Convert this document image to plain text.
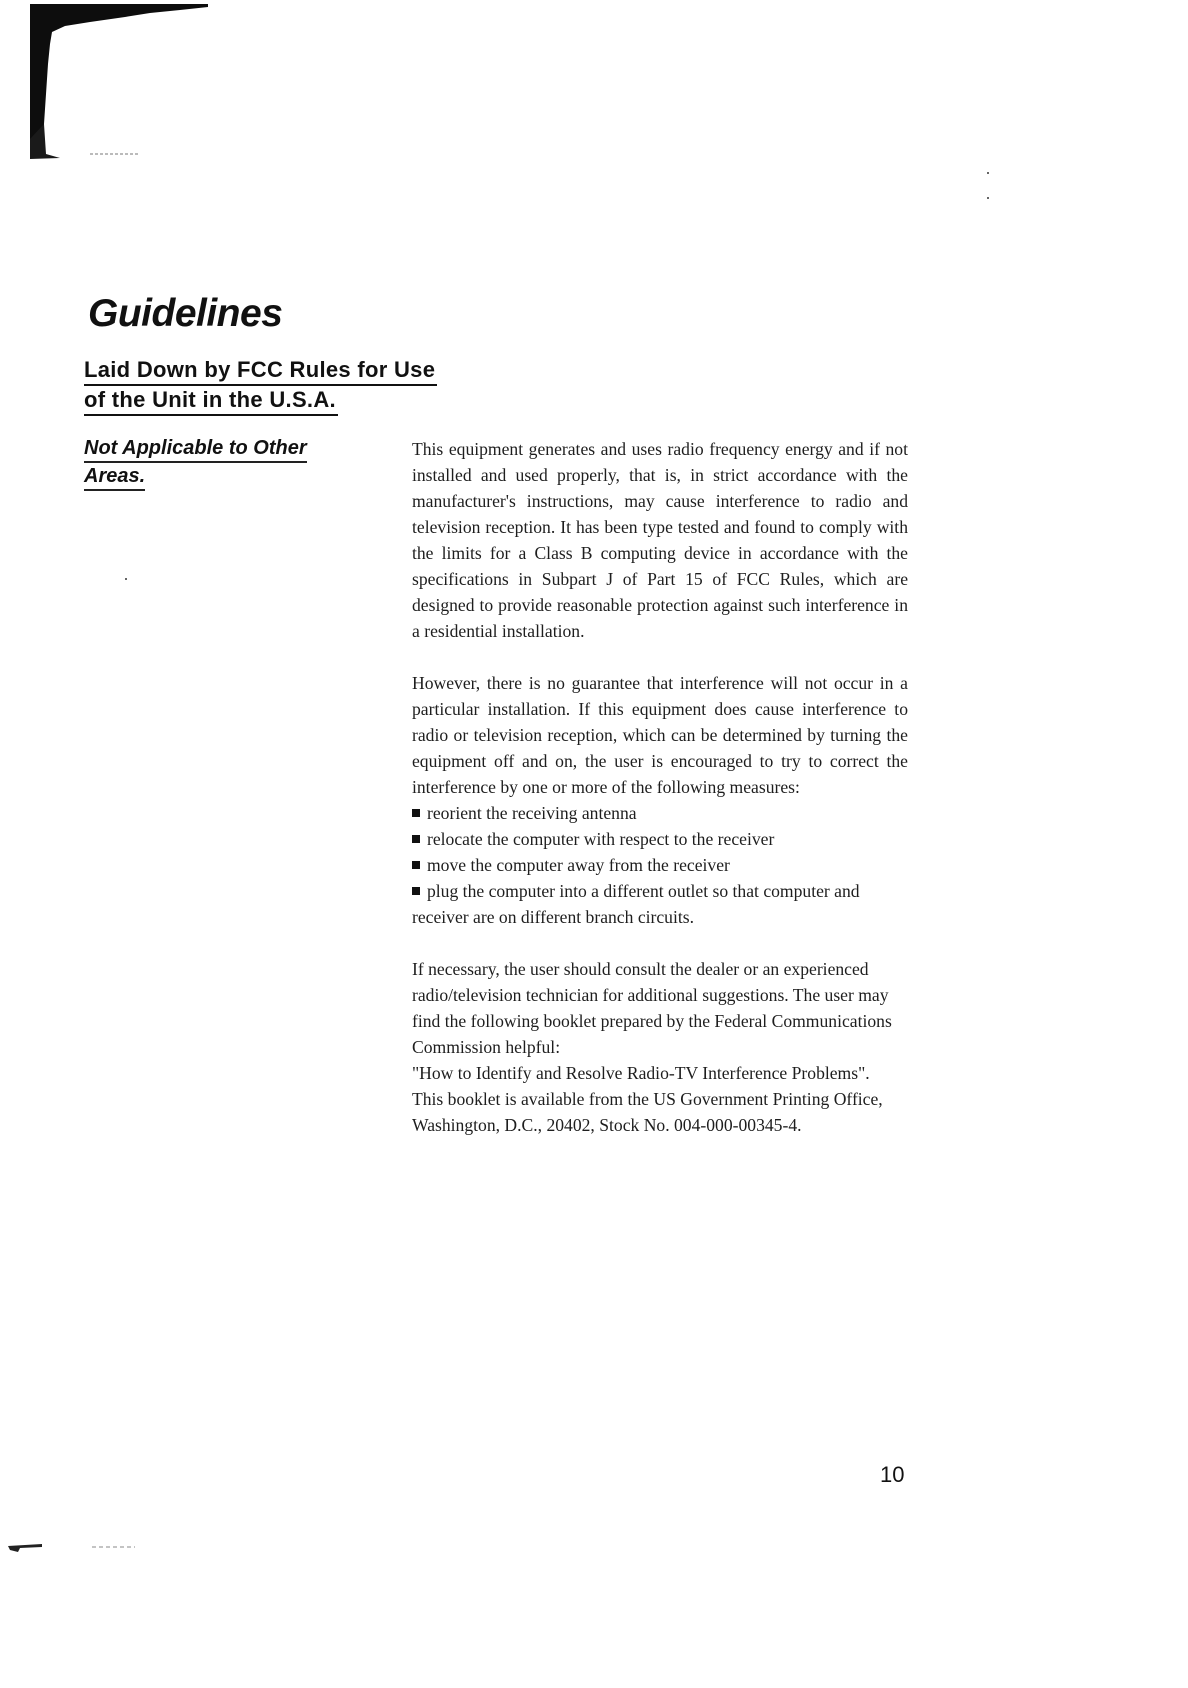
Guidelines
Laid Down by FCC Rules for Use
of the Unit in the U.S.A.
Not Applicable to Other
Areas.

This equipment generates and uses radio frequency energy and if not installed and used properly, that is, in strict accordance with the manufacturer's instructions, may cause interference to radio and television reception. It has been type tested and found to comply with the limits for a Class B computing device in accordance with the specifications in Subpart J of Part 15 of FCC Rules, which are designed to provide reasonable protection against such interference in a residential installation.

However, there is no guarantee that interference will not occur in a particular installation. If this equipment does cause interference to radio or television reception, which can be determined by turning the equipment off and on, the user is encouraged to try to correct the interference by one or more of the following measures:

reorient the receiving antenna
relocate the computer with respect to the receiver
move the computer away from the receiver
plug the computer into a different outlet so that computer and receiver are on different branch circuits.

If necessary, the user should consult the dealer or an experienced radio/television technician for additional suggestions. The user may find the following booklet prepared by the Federal Communications Commission helpful:
"How to Identify and Resolve Radio-TV Interference Problems".
This booklet is available from the US Government Printing Office, Washington, D.C., 20402, Stock No. 004-000-00345-4.

10
